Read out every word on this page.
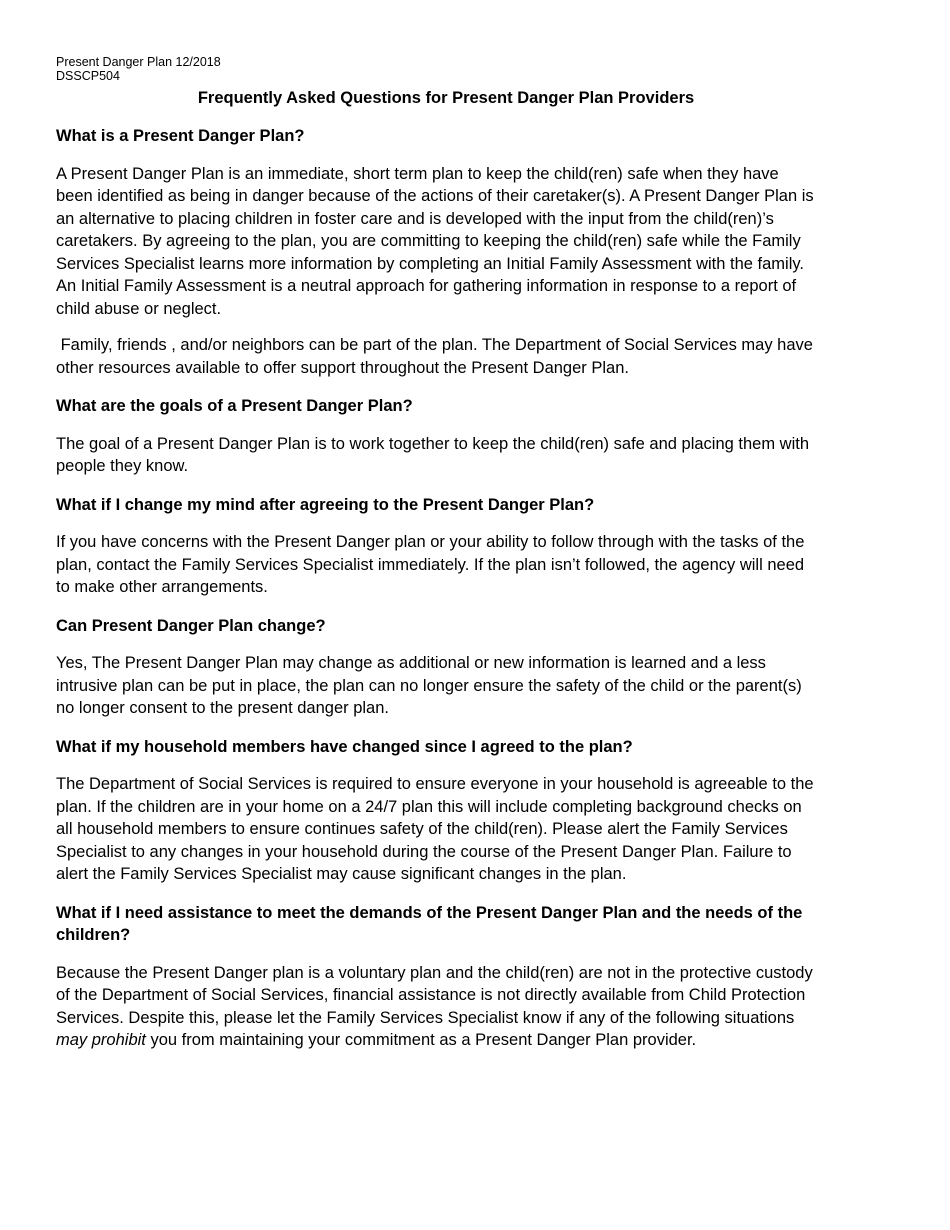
Present Danger Plan 12/2018

DSSCP504

Frequently Asked Questions for Present Danger Plan Providers
What is a Present Danger Plan?

A Present Danger Plan is an immediate, short term plan to keep the child(ren) safe when they have been identified as being in danger because of the actions of their caretaker(s). A Present Danger Plan is an alternative to placing children in foster care and is developed with the input from the child(ren)’s caretakers. By agreeing to the plan, you are committing to keeping the child(ren) safe while the Family Services Specialist learns more information by completing an Initial Family Assessment with the family. An Initial Family Assessment is a neutral approach for gathering information in response to a report of child abuse or neglect.

Family, friends , and/or neighbors can be part of the plan. The Department of Social Services may have other resources available to offer support throughout the Present Danger Plan.

What are the goals of a Present Danger Plan?

The goal of a Present Danger Plan is to work together to keep the child(ren) safe and placing them with people they know.

What if I change my mind after agreeing to the Present Danger Plan?

If you have concerns with the Present Danger plan or your ability to follow through with the tasks of the plan, contact the Family Services Specialist immediately. If the plan isn’t followed, the agency will need to make other arrangements.

Can Present Danger Plan change?

Yes, The Present Danger Plan may change as additional or new information is learned and a less intrusive plan can be put in place, the plan can no longer ensure the safety of the child or the parent(s) no longer consent to the present danger plan.

What if my household members have changed since I agreed to the plan?

The Department of Social Services is required to ensure everyone in your household is agreeable to the plan. If the children are in your home on a 24/7 plan this will include completing background checks on all household members to ensure continues safety of the child(ren). Please alert the Family Services Specialist to any changes in your household during the course of the Present Danger Plan. Failure to alert the Family Services Specialist may cause significant changes in the plan.

What if I need assistance to meet the demands of the Present Danger Plan and the needs of the children?

Because the Present Danger plan is a voluntary plan and the child(ren) are not in the protective custody of the Department of Social Services, financial assistance is not directly available from Child Protection Services. Despite this, please let the Family Services Specialist know if any of the following situations may prohibit you from maintaining your commitment as a Present Danger Plan provider.
